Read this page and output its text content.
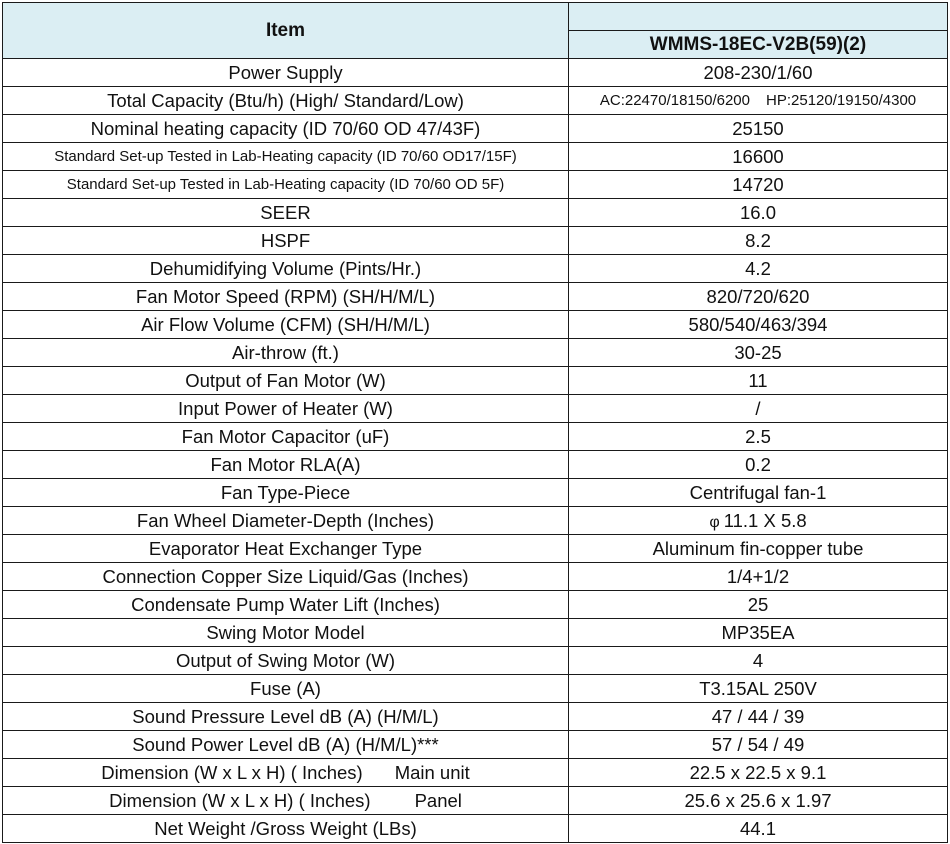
Item	
	WMMS-18EC-V2B(59)(2)
Power Supply	208-230/1/60
Total Capacity (Btu/h) (High/ Standard/Low)	AC:22470/18150/6200 HP:25120/19150/4300
Nominal heating capacity (ID 70/60 OD 47/43F)	25150
Standard Set-up Tested in Lab-Heating capacity (ID 70/60 OD17/15F)	16600
Standard Set-up Tested in Lab-Heating capacity (ID 70/60 OD 5F)	14720
SEER	16.0
HSPF	8.2
Dehumidifying Volume (Pints/Hr.)	4.2
Fan Motor Speed (RPM) (SH/H/M/L)	820/720/620
Air Flow Volume (CFM) (SH/H/M/L)	580/540/463/394
Air-throw (ft.)	30-25
Output of Fan Motor (W)	11
Input Power of Heater (W)	/
Fan Motor Capacitor (uF)	2.5
Fan Motor RLA(A)	0.2
Fan Type-Piece	Centrifugal fan-1
Fan Wheel Diameter-Depth (Inches)	φ 11.1 X 5.8
Evaporator Heat Exchanger Type	Aluminum fin-copper tube
Connection Copper Size Liquid/Gas (Inches)	1/4+1/2
Condensate Pump Water Lift (Inches)	25
Swing Motor Model	MP35EA
Output of Swing Motor (W)	4
Fuse (A)	T3.15AL 250V
Sound Pressure Level dB (A) (H/M/L)	47 / 44 / 39
Sound Power Level dB (A) (H/M/L)***	57 / 54 / 49
Dimension (W x L x H) ( Inches) Main unit	22.5 x 22.5 x 9.1
Dimension (W x L x H) ( Inches) Panel	25.6 x 25.6 x 1.97
Net Weight /Gross Weight (LBs)	44.1
